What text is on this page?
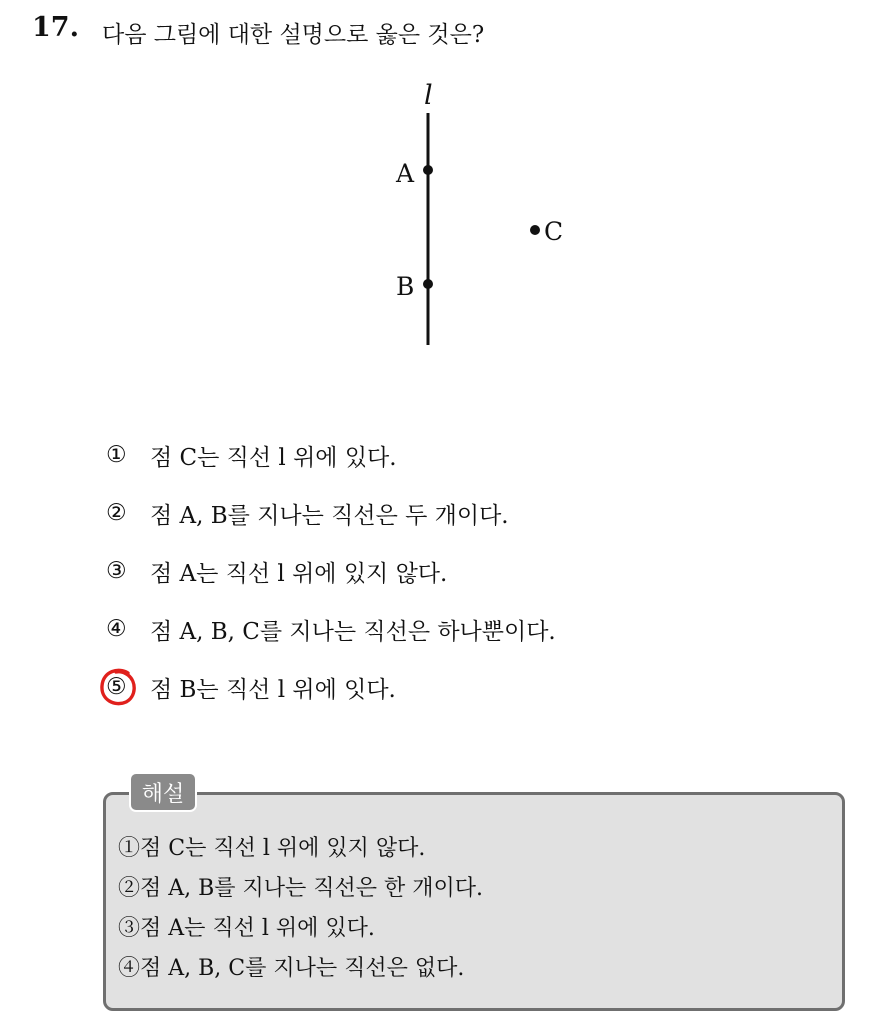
17. 다음 그림에 대한 설명으로 옳은 것은?
l
A
B
C
①	점 C는 직선 l 위에 있다.
②	점 A, B를 지나는 직선은 두 개이다.
③	점 A는 직선 l 위에 있지 않다.
④	점 A, B, C를 지나는 직선은 하나뿐이다.
⑤	점 B는 직선 l 위에 잇다.
해설
①점 C는 직선 l 위에 있지 않다.
②점 A, B를 지나는 직선은 한 개이다.
③점 A는 직선 l 위에 있다.
④점 A, B, C를 지나는 직선은 없다.
